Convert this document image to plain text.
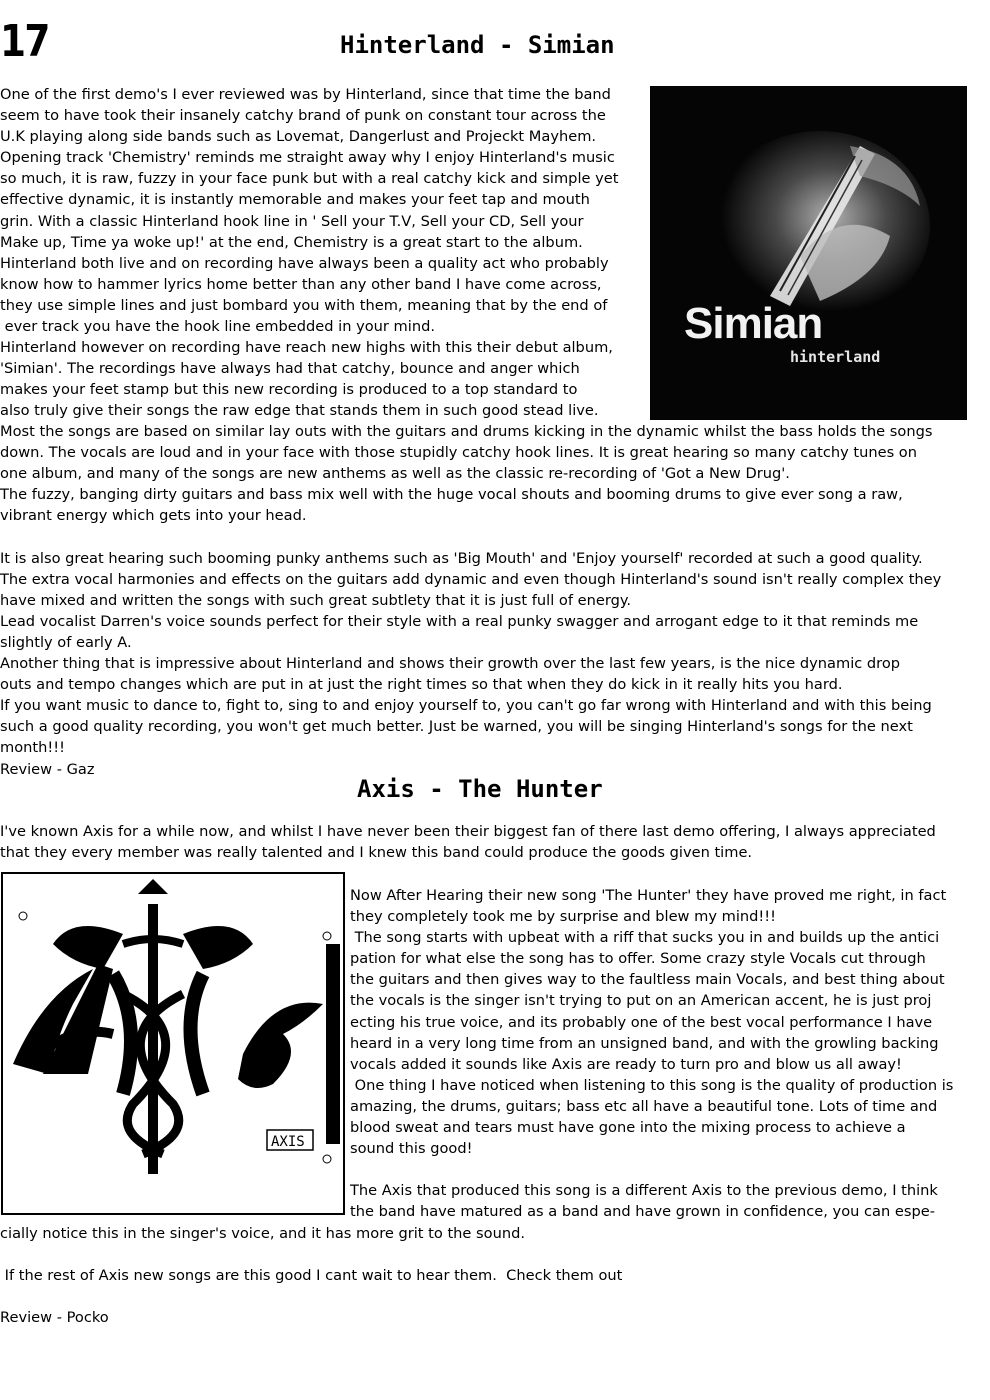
17	Hinterland - Simian
One of the first demo's I ever reviewed was by Hinterland, since that time the band
seem to have took their insanely catchy brand of punk on constant tour across the
U.K playing along side bands such as Lovemat, Dangerlust and Projeckt Mayhem.
Opening track 'Chemistry' reminds me straight away why I enjoy Hinterland's music
so much, it is raw, fuzzy in your face punk but with a real catchy kick and simple yet
effective dynamic, it is instantly memorable and makes your feet tap and mouth
grin. With a classic Hinterland hook line in ' Sell your T.V, Sell your CD, Sell your
Make up, Time ya woke up!' at the end, Chemistry is a great start to the album.
Hinterland both live and on recording have always been a quality act who probably
know how to hammer lyrics home better than any other band I have come across,
they use simple lines and just bombard you with them, meaning that by the end of
ever track you have the hook line embedded in your mind.
Hinterland however on recording have reach new highs with this their debut album,
'Simian'. The recordings have always had that catchy, bounce and anger which
makes your feet stamp but this new recording is produced to a top standard to
also truly give their songs the raw edge that stands them in such good stead live.
Simian
hinterland
Most the songs are based on similar lay outs with the guitars and drums kicking in the dynamic whilst the bass holds the songs
down. The vocals are loud and in your face with those stupidly catchy hook lines. It is great hearing so many catchy tunes on
one album, and many of the songs are new anthems as well as the classic re-recording of 'Got a New Drug'.
The fuzzy, banging dirty guitars and bass mix well with the huge vocal shouts and booming drums to give ever song a raw,
vibrant energy which gets into your head.

It is also great hearing such booming punky anthems such as 'Big Mouth' and 'Enjoy yourself' recorded at such a good quality.
The extra vocal harmonies and effects on the guitars add dynamic and even though Hinterland's sound isn't really complex they
have mixed and written the songs with such great subtlety that it is just full of energy.
Lead vocalist Darren's voice sounds perfect for their style with a real punky swagger and arrogant edge to it that reminds me
slightly of early A.
Another thing that is impressive about Hinterland and shows their growth over the last few years, is the nice dynamic drop
outs and tempo changes which are put in at just the right times so that when they do kick in it really hits you hard.
If you want music to dance to, fight to, sing to and enjoy yourself to, you can't go far wrong with Hinterland and with this being
such a good quality recording, you won't get much better. Just be warned, you will be singing Hinterland's songs for the next
month!!!
Review - Gaz
Axis - The Hunter
I've known Axis for a while now, and whilst I have never been their biggest fan of there last demo offering, I always appreciated
that they every member was really talented and I knew this band could produce the goods given time.
AXIS
Now After Hearing their new song 'The Hunter' they have proved me right, in fact
they completely took me by surprise and blew my mind!!!
The song starts with upbeat with a riff that sucks you in and builds up the antici
pation for what else the song has to offer. Some crazy style Vocals cut through
the guitars and then gives way to the faultless main Vocals, and best thing about
the vocals is the singer isn't trying to put on an American accent, he is just proj
ecting his true voice, and its probably one of the best vocal performance I have
heard in a very long time from an unsigned band, and with the growling backing
vocals added it sounds like Axis are ready to turn pro and blow us all away!
One thing I have noticed when listening to this song is the quality of production is
amazing, the drums, guitars; bass etc all have a beautiful tone. Lots of time and
blood sweat and tears must have gone into the mixing process to achieve a
sound this good!

The Axis that produced this song is a different Axis to the previous demo, I think
the band have matured as a band and have grown in confidence, you can espe-
cially notice this in the singer's voice, and it has more grit to the sound.

If the rest of Axis new songs are this good I cant wait to hear them.  Check them out

Review - Pocko
